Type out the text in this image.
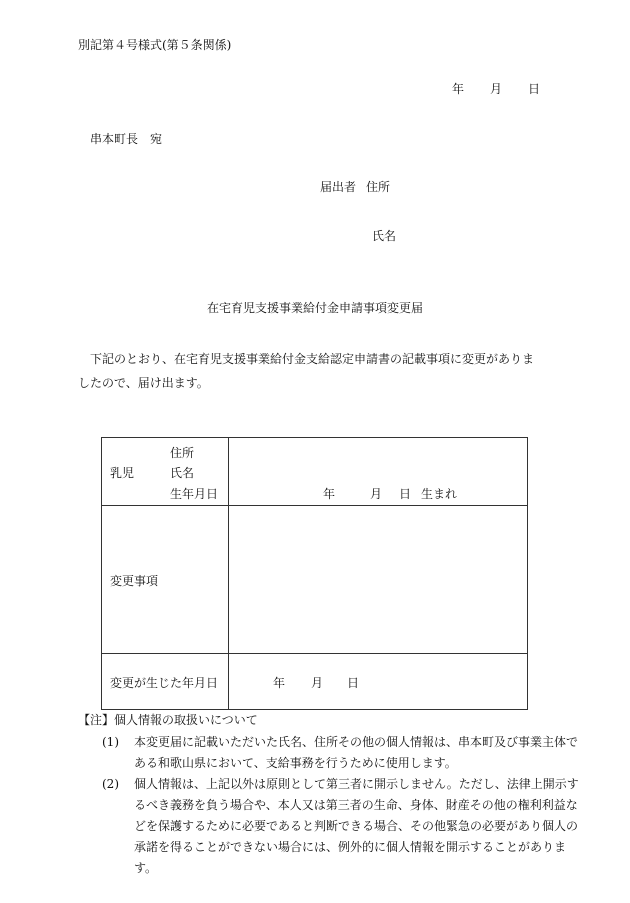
別記第４号様式(第５条関係)
年 月 日
串本町長　宛
届出者 住所
氏名
在宅育児支援事業給付金申請事項変更届
下記のとおり、在宅育児支援事業給付金支給認定申請書の記載事項に変更がありましたので、届け出ます。
乳児
住所
氏名
生年月日	年 月 日 生まれ

変更事項	

変更が生じた年月日	年 月 日
【注】個人情報の取扱いについて
(1) 本変更届に記載いただいた氏名、住所その他の個人情報は、串本町及び事業主体である和歌山県において、支給事務を行うために使用します。
(2) 個人情報は、上記以外は原則として第三者に開示しません。ただし、法律上開示するべき義務を負う場合や、本人又は第三者の生命、身体、財産その他の権利利益などを保護するために必要であると判断できる場合、その他緊急の必要があり個人の承諾を得ることができない場合には、例外的に個人情報を開示することがあります。
